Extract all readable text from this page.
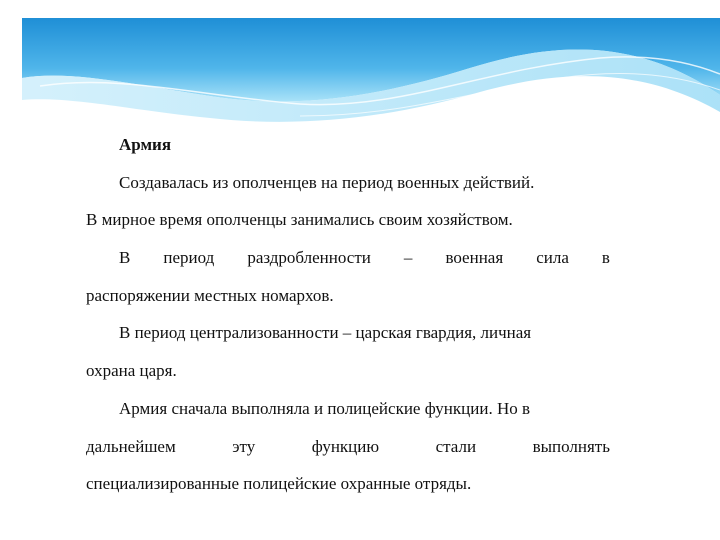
Армия
Создавалась из ополченцев на период военных действий.
В мирное время ополченцы занимались своим хозяйством.
В период раздробленности – военная сила в
распоряжении местных номархов.
В период централизованности – царская гвардия, личная
охрана царя.
Армия сначала выполняла и полицейские функции. Но в
дальнейшем	эту	функцию	стали	выполнять
специализированные полицейские охранные отряды.
